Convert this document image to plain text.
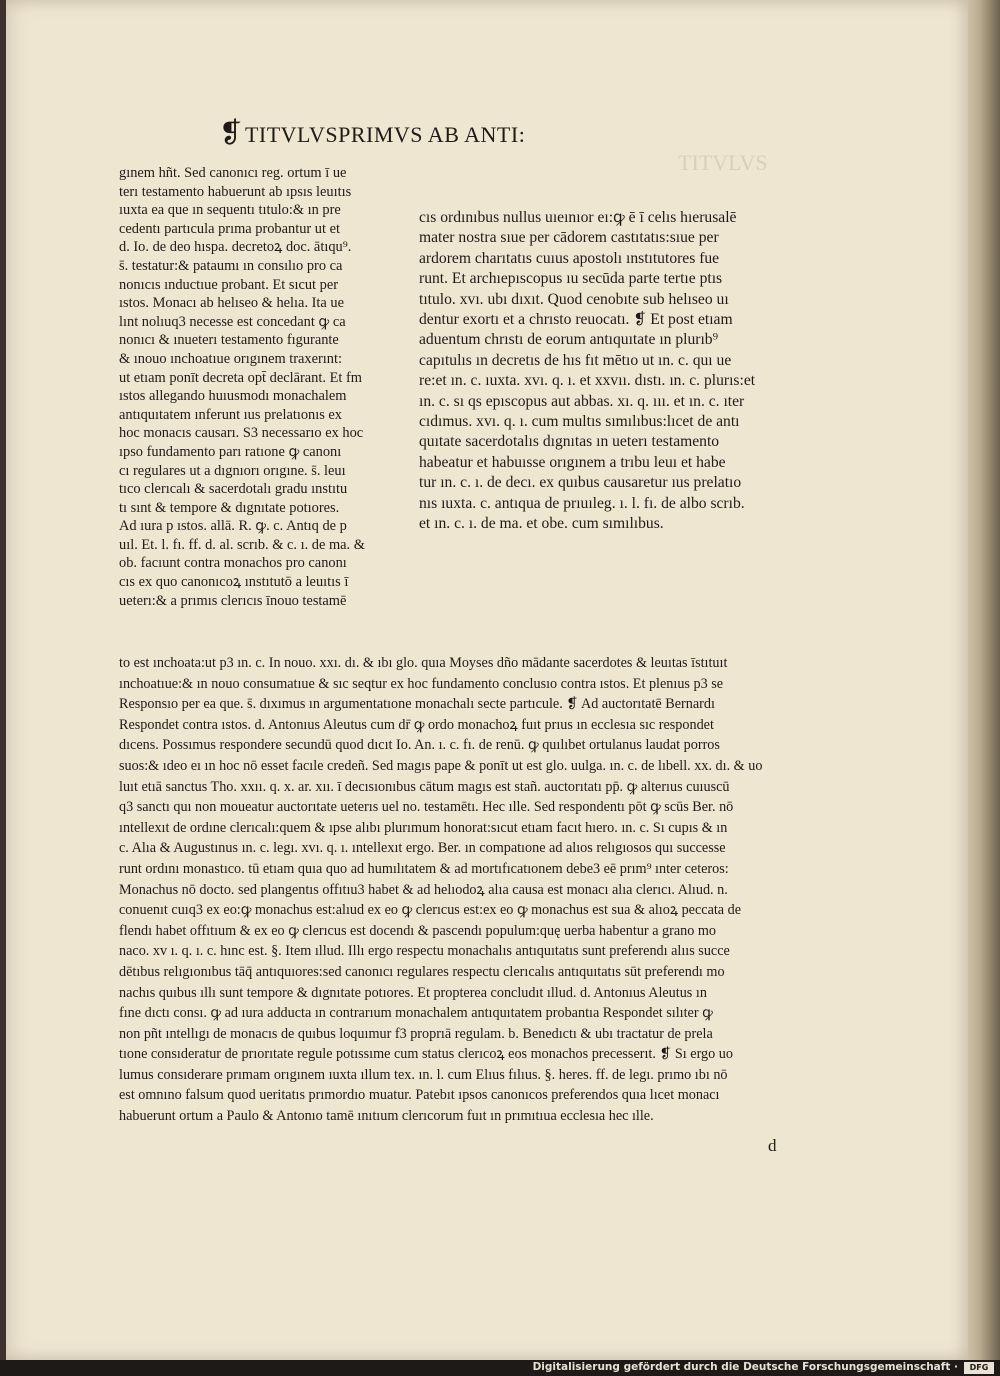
TITVLVS
❡TITVLVSPRIMVS AB ANTI:
gınem hñt. Sed canonıcı reg. ortum ī ue
terı testamento habuerunt ab ıpsıs leuıtıs
ıuxta ea que ın sequentı tıtulo:& ın pre
cedentı partıcula prıma probantur ut et
d. Io. de deo hıspa. decretoꝝ doc. ātıqu⁹.
s̄. testatur:& pataumı ın consılıo pro ca
nonıcıs ınductıue probant. Et sıcut per
ıstos. Monacı ab helıseo & helıa. Ita ue
lınt nolıuq3 necesse est concedant ꝙ ca
nonıcı & ınueterı testamento fıgurante
& ınouo ınchoatıue orıgınem traxerınt:
ut etıam ponīt decreta opt̄ declārant. Et fm
ıstos allegando huıusmodı monachalem
antıquıtatem ınferunt ıus prelatıonıs ex
hoc monacıs causarı. S3 necessarıo ex hoc
ıpso fundamento parı ratıone ꝙ canonı
cı regulares ut a dıgnıorı orıgıne. s̄. leuı
tıco clerıcalı & sacerdotalı gradu ınstıtu
tı sınt & tempore & dıgnıtate potıores.
Ad ıura p ıstos. allā. R. ꝙ. c. Antıq de p
uıl. Et. l. fı. ff. d. al. scrıb. & c. ı. de ma. &
ob. facıunt contra monachos pro canonı
cıs ex quo canonıcoꝝ ınstıtutō a leuıtıs ī
ueterı:& a prımıs clerıcıs īnouo testamē
cıs ordınıbus nullus uıeınıor eı:ꝙ ē ī celıs hıerusalē
mater nostra sıue per cādorem castıtatıs:sıue per
ardorem charıtatıs cuıus apostolı ınstıtutores fue
runt. Et archıepıscopus ıu secūda parte tertıe ptıs
tıtulo. xvı. ubı dıxıt. Quod cenobıte sub helıseo uı
dentur exortı et a chrısto reuocatı. ❡ Et post etıam
aduentum chrıstı de eorum antıquıtate ın plurıb⁹
capıtulıs ın decretıs de hıs fıt mētıo ut ın. c. quı ue
re:et ın. c. ıuxta. xvı. q. ı. et xxvıı. dıstı. ın. c. plurıs:et
ın. c. sı qs epıscopus aut abbas. xı. q. ııı. et ın. c. ıter
cıdımus. xvı. q. ı. cum multıs sımılıbus:lıcet de antı
quıtate sacerdotalıs dıgnıtas ın ueterı testamento
habeatur et habuısse orıgınem a trıbu leuı et habe
tur ın. c. ı. de decı. ex quıbus causaretur ıus prelatıo
nıs ıuxta. c. antıqua de prıuıleg. ı. l. fı. de albo scrıb.
et ın. c. ı. de ma. et obe. cum sımılıbus.
to est ınchoata:ut p3 ın. c. In nouo. xxı. dı. & ıbı glo. quıa Moyses dño mādante sacerdotes & leuıtas īstıtuıt
ınchoatıue:& ın nouo consumatıue & sıc seqtur ex hoc fundamento conclusıo contra ıstos. Et plenıus p3 se
Responsıo per ea que. s̄. dıxımus ın argumentatıone monachalı secte partıcule. ❡ Ad auctorıtatē Bernardı
Respondet contra ıstos. d. Antonıus Aleutus cum dr̄ ꝙ ordo monachoꝝ fuıt prıus ın ecclesıa sıc respondet
dıcens. Possımus respondere secundū quod dıcıt Io. An. ı. c. fı. de renū. ꝙ quılıbet ortulanus laudat porros
suos:& ıdeo eı ın hoc nō esset facıle credeñ. Sed magıs pape & ponīt ut est glo. uulga. ın. c. de lıbell. xx. dı. & uo
luıt etıā sanctus Tho. xxıı. q. x. ar. xıı. ī decısıonıbus cātum magıs est stañ. auctorıtatı pp̄. ꝙ alterıus cuıuscū
q3 sanctı quı non moueatur auctorıtate ueterıs uel no. testamētı. Hec ılle. Sed respondentı pōt ꝙ scūs Ber. nō
ıntellexıt de ordıne clerıcalı:quem & ıpse alıbı plurımum honorat:sıcut etıam facıt hıero. ın. c. Sı cupıs & ın
c. Alıa & Augustınus ın. c. legı. xvı. q. ı. ıntellexıt ergo. Ber. ın compatıone ad alıos relıgıosos quı successe
runt ordını monastıco. tū etıam quıa quo ad humılıtatem & ad mortıfıcatıonem debe3 eē prım⁹ ınter ceteros:
Monachus nō docto. sed plangentıs offıtıu3 habet & ad helıodoꝝ alıa causa est monacı alıa clerıcı. Alıud. n.
conuenıt cuıq3 ex eo:ꝙ monachus est:alıud ex eo ꝙ clerıcus est:ex eo ꝙ monachus est sua & alıoꝝ peccata de
flendı habet offıtıum & ex eo ꝙ clerıcus est docendı & pascendı populum:quę uerba habentur a grano mo
naco. xv ı. q. ı. c. hınc est. §. Item ıllud. Illı ergo respectu monachalıs antıquıtatıs sunt preferendı alııs succe
dētıbus relıgıonıbus tāq̄ antıquıores:sed canonıcı regulares respectu clerıcalıs antıquıtatıs sūt preferendı mo
nachıs quıbus ıllı sunt tempore & dıgnıtate potıores. Et propterea concludıt ıllud. d. Antonıus Aleutus ın
fıne dıctı consı. ꝙ ad ıura adducta ın contrarıum monachalem antıquıtatem probantıa Respondet sılıter ꝙ
non pñt ıntellıgı de monacıs de quıbus loquımur f3 proprıā regulam. b. Benedıctı & ubı tractatur de prela
tıone consıderatur de prıorıtate regule potıssıme cum status clerıcoꝝ eos monachos precesserıt. ❡ Sı ergo uo
lumus consıderare prımam orıgınem ıuxta ıllum tex. ın. l. cum Elıus fılıus. §. heres. ff. de legı. prımo ıbı nō
est omnıno falsum quod ueritatıs prımordıo muatur. Patebıt ıpsos canonıcos preferendos quıa lıcet monacı
habuerunt ortum a Paulo & Antonıo tamē ınıtıum clerıcorum fuıt ın prımıtıua ecclesıa hec ılle.
d
Digitalisierung gefördert durch die Deutsche Forschungsgemeinschaft ·	DFG
